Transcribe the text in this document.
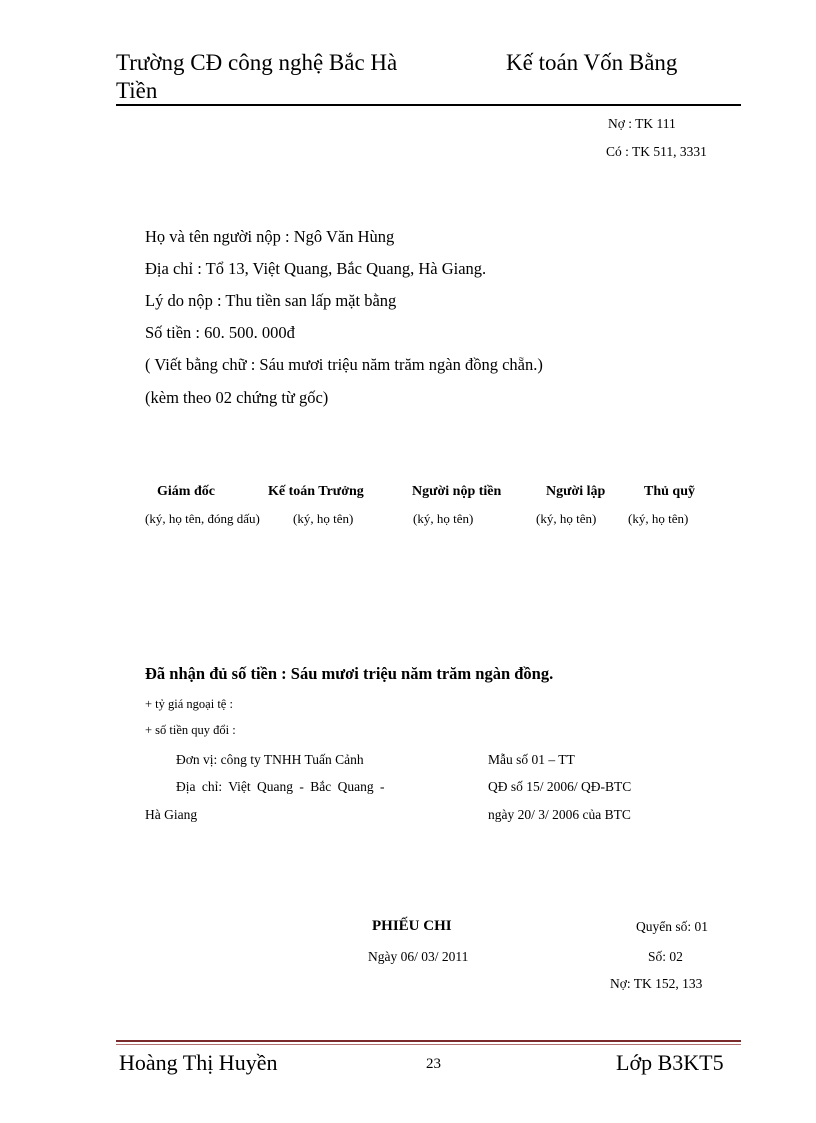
Trường CĐ công nghệ Bắc Hà
Tiền
Kế toán Vốn Bằng
Nợ : TK 111
Có : TK 511, 3331
Họ và tên người nộp : Ngô Văn Hùng
Địa chỉ : Tổ 13, Việt Quang, Bắc Quang, Hà Giang.
Lý do nộp : Thu tiền san lấp mặt bằng
Số tiền : 60. 500. 000đ
( Viết bằng chữ : Sáu mươi triệu năm trăm ngàn đồng chẵn.)
(kèm theo 02 chứng từ gốc)
Giám đốc	Kế toán Trưởng	Người nộp tiền	Người lập	Thủ quỹ
(ký, họ tên, đóng dấu)	(ký, họ tên)	(ký, họ tên)	(ký, họ tên) (ký, họ tên)
Đã nhận đủ số tiền : Sáu mươi triệu năm trăm ngàn đồng.
+ tỷ giá ngoại tệ :
+ số tiền quy đổi :
Đơn vị: công ty TNHH Tuấn Cảnh
Địa chỉ: Việt Quang - Bắc Quang -
Hà Giang
Mẫu số 01 – TT
QĐ số 15/ 2006/ QĐ-BTC
ngày 20/ 3/ 2006 của BTC
PHIẾU CHI
Ngày 06/ 03/ 2011
Quyển số: 01
Số: 02
Nợ: TK 152, 133
Hoàng Thị Huyền	23	Lớp B3KT5
